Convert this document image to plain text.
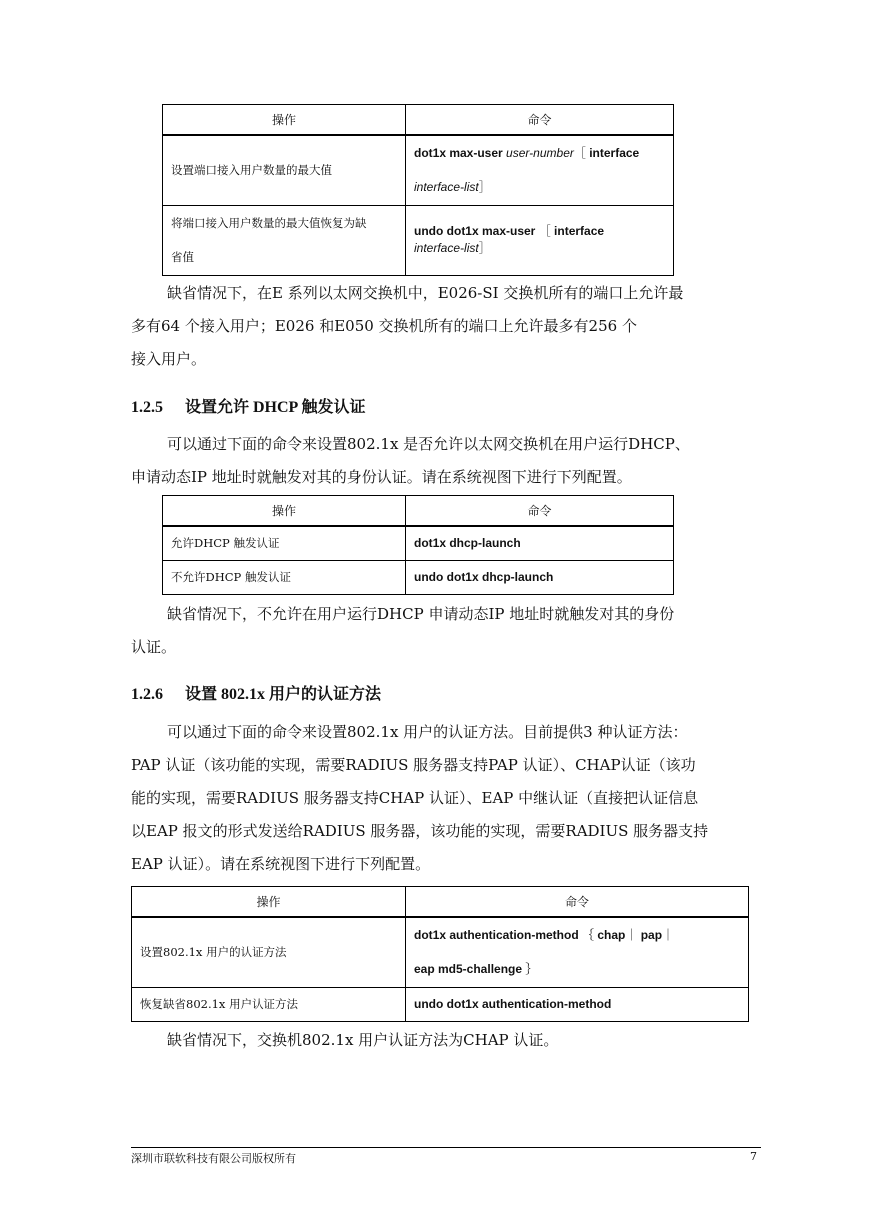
操作	命令
设置端口接入用户数量的最大值	dot1x max-user user-number［ interface
interface-list］
将端口接入用户数量的最大值恢复为缺
省值	undo dot1x max-user ［ interface
interface-list］
缺省情况下，在E 系列以太网交换机中，E026-SI 交换机所有的端口上允许最
多有64 个接入用户；E026 和E050 交换机所有的端口上允许最多有256 个
接入用户。
1.2.5 设置允许 DHCP 触发认证
可以通过下面的命令来设置802.1x 是否允许以太网交换机在用户运行DHCP、
申请动态IP 地址时就触发对其的身份认证。请在系统视图下进行下列配置。
操作	命令
允许DHCP 触发认证	dot1x dhcp-launch
不允许DHCP 触发认证	undo dot1x dhcp-launch
缺省情况下，不允许在用户运行DHCP 申请动态IP 地址时就触发对其的身份
认证。
1.2.6 设置 802.1x 用户的认证方法
可以通过下面的命令来设置802.1x 用户的认证方法。目前提供3 种认证方法：
PAP 认证（该功能的实现，需要RADIUS 服务器支持PAP 认证）、CHAP认证（该功
能的实现，需要RADIUS 服务器支持CHAP 认证）、EAP 中继认证（直接把认证信息
以EAP 报文的形式发送给RADIUS 服务器，该功能的实现，需要RADIUS 服务器支持
EAP 认证）。请在系统视图下进行下列配置。
操作	命令
设置802.1x 用户的认证方法	dot1x authentication-method ｛ chap｜ pap｜
eap md5-challenge ｝
恢复缺省802.1x 用户认证方法	undo dot1x authentication-method
缺省情况下，交换机802.1x 用户认证方法为CHAP 认证。
深圳市联软科技有限公司版权所有	7
